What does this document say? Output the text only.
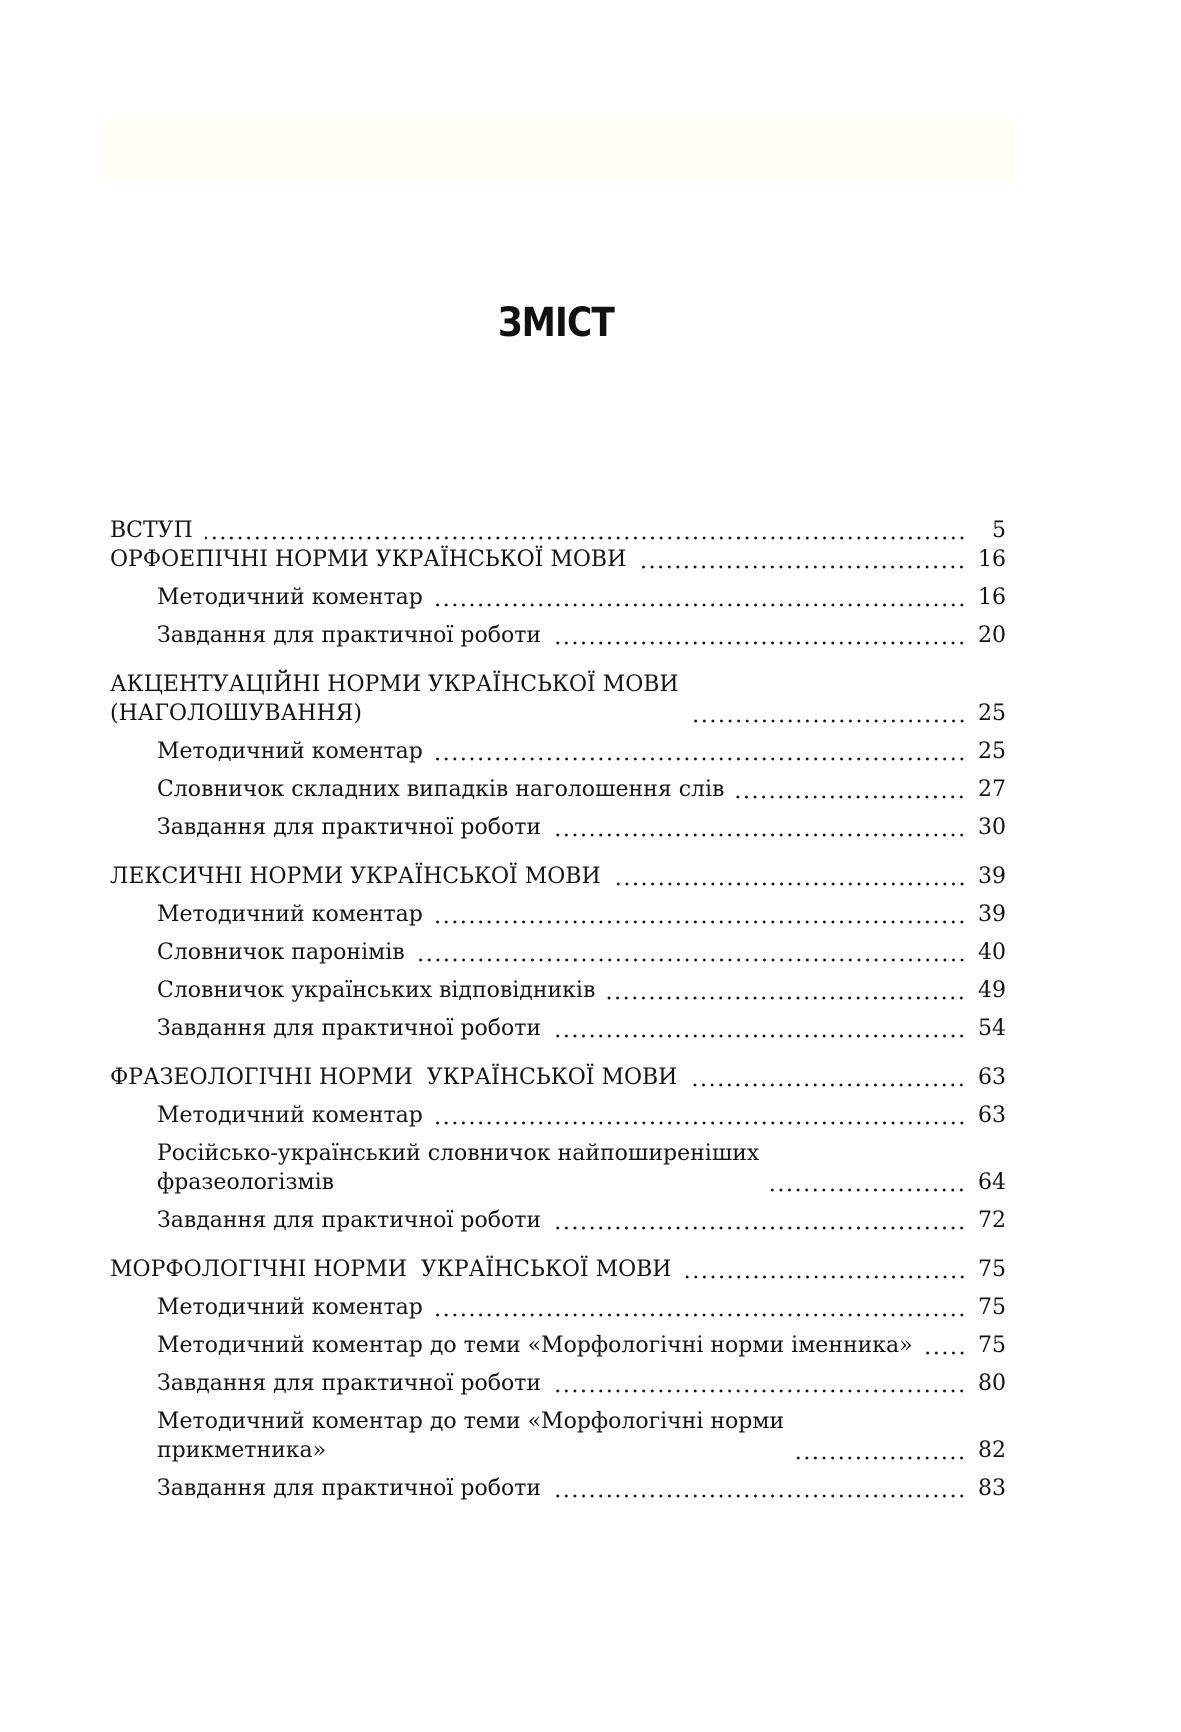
ЗМІСТ
ВСТУП	5
ОРФОЕПІЧНІ НОРМИ УКРАЇНСЬКОЇ МОВИ	16
Методичний коментар	16
Завдання для практичної роботи	20
АКЦЕНТУАЦІЙНІ НОРМИ УКРАЇНСЬКОЇ МОВИ
(НАГОЛОШУВАННЯ)	25
Методичний коментар	25
Словничок складних випадків наголошення слів	27
Завдання для практичної роботи	30
ЛЕКСИЧНІ НОРМИ УКРАЇНСЬКОЇ МОВИ	39
Методичний коментар	39
Словничок паронімів	40
Словничок українських відповідників	49
Завдання для практичної роботи	54
ФРАЗЕОЛОГІЧНІ НОРМИ  УКРАЇНСЬКОЇ МОВИ	63
Методичний коментар	63
Російсько-український словничок найпоширеніших
фразеологізмів	64
Завдання для практичної роботи	72
МОРФОЛОГІЧНІ НОРМИ  УКРАЇНСЬКОЇ МОВИ	75
Методичний коментар	75
Методичний коментар до теми «Морфологічні норми іменника»	75
Завдання для практичної роботи	80
Методичний коментар до теми «Морфологічні норми
прикметника»	82
Завдання для практичної роботи	83
